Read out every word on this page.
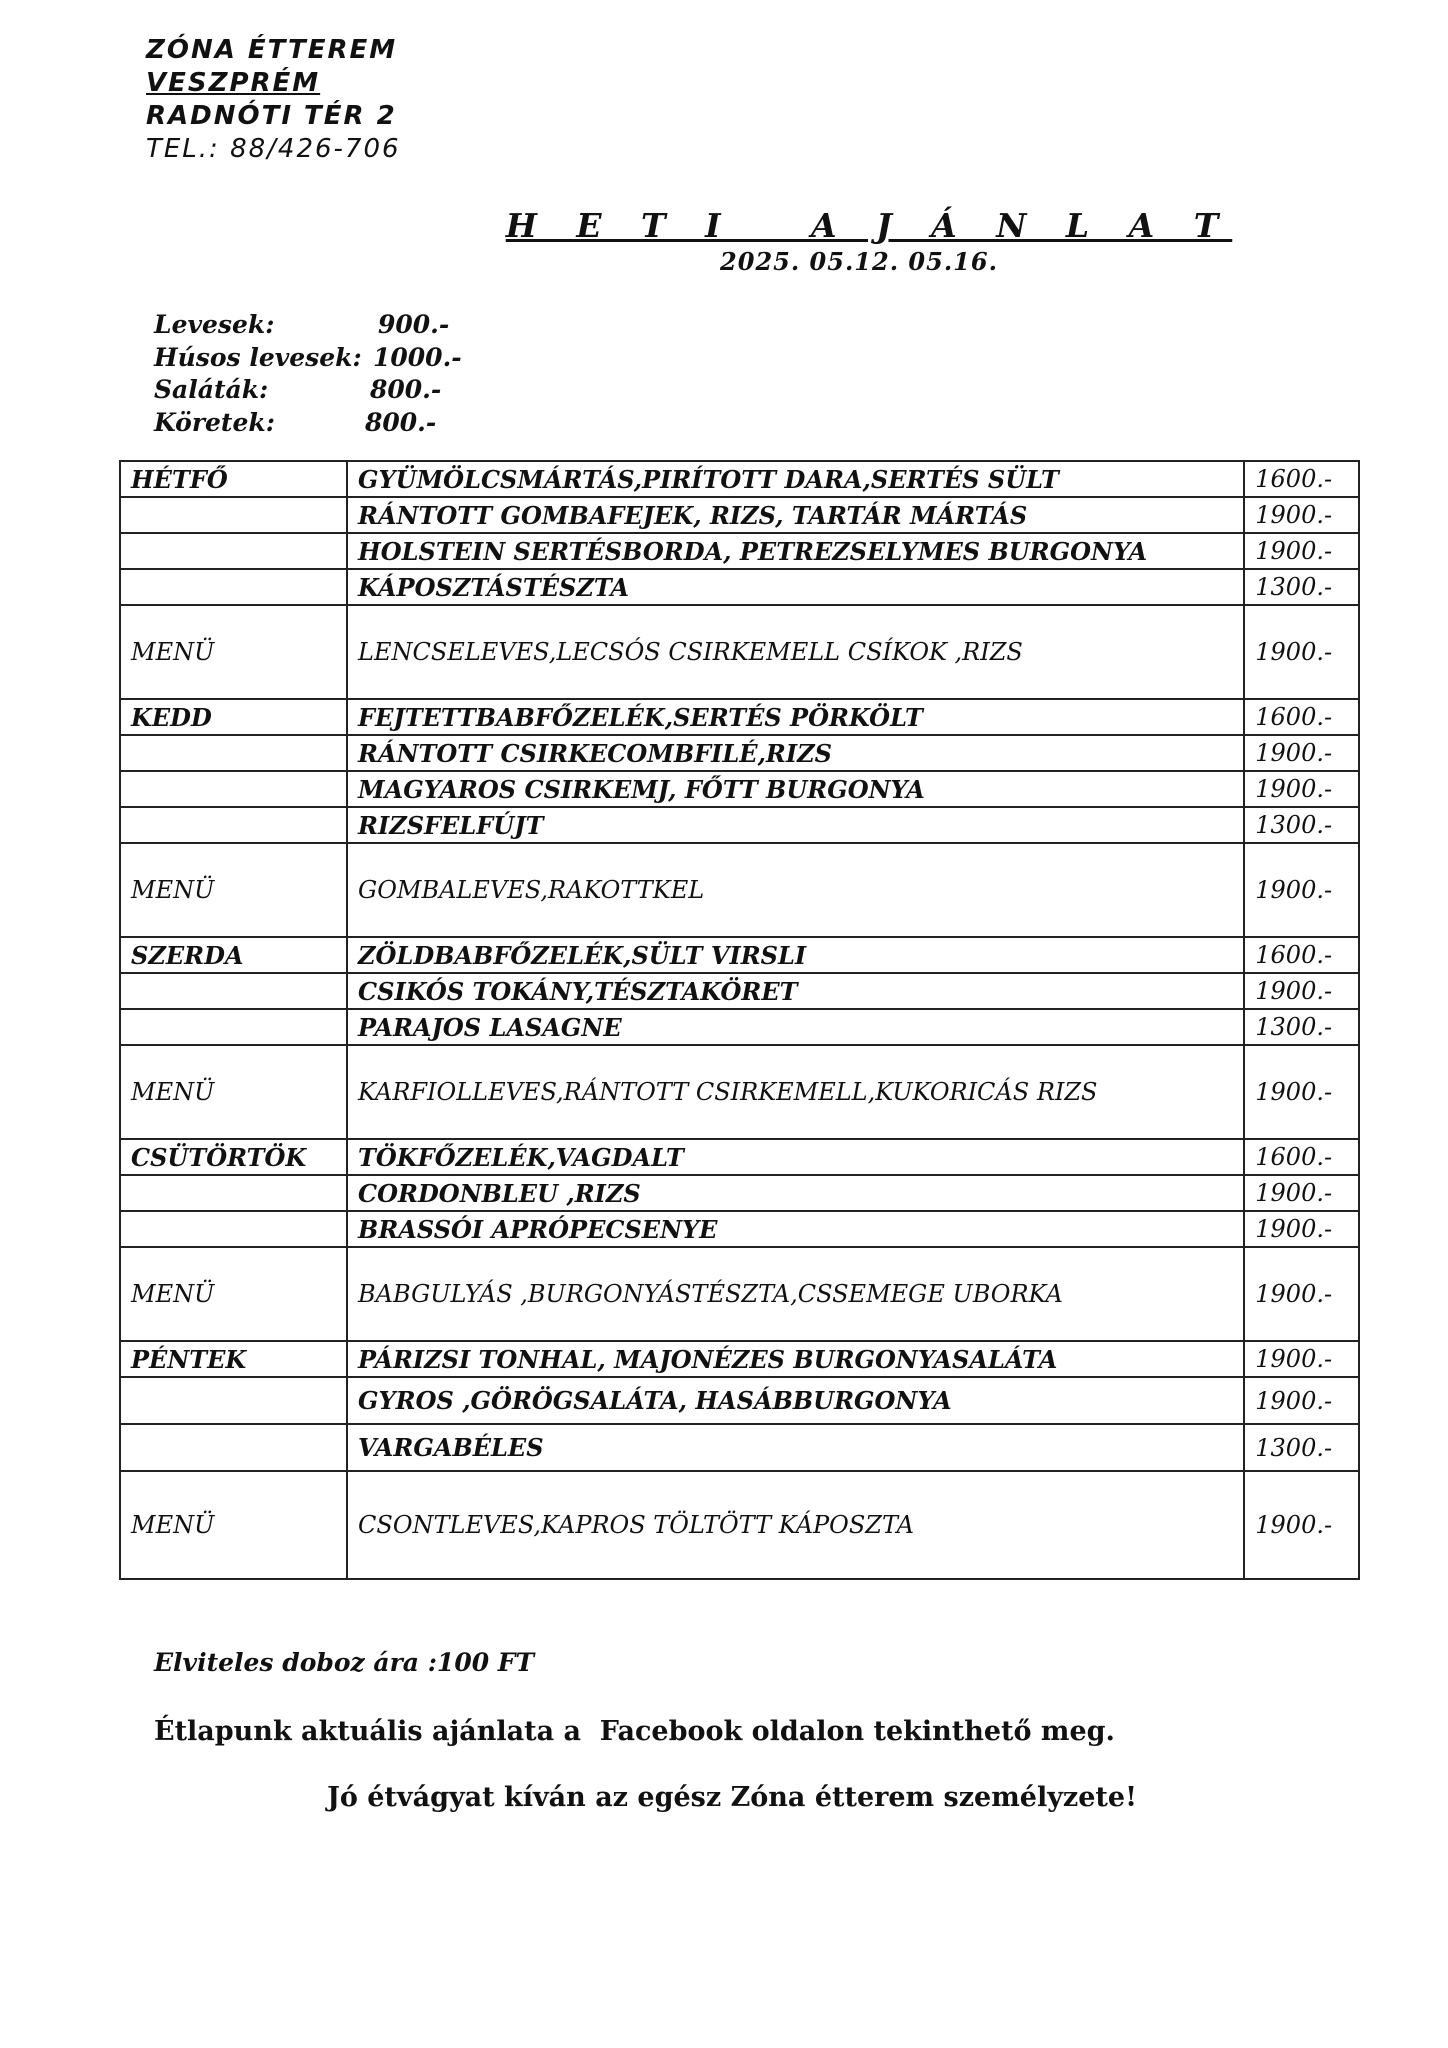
ZÓNA ÉTTEREM
VESZPRÉM
RADNÓTI TÉR 2
TEL.: 88/426-706
H E T I   A J Á N L A T
2025. 05.12. 05.16.
Levesek:	900.-
Húsos levesek: 1000.-
Saláták:	800.-
Köretek:	800.-
HÉTFŐ	GYÜMÖLCSMÁRTÁS,PIRÍTOTT DARA,SERTÉS SÜLT	1600.-
	RÁNTOTT GOMBAFEJEK, RIZS, TARTÁR MÁRTÁS	1900.-
	HOLSTEIN SERTÉSBORDA, PETREZSELYMES BURGONYA	1900.-
	KÁPOSZTÁSTÉSZTA	1300.-
MENÜ	LENCSELEVES,LECSÓS CSIRKEMELL CSÍKOK ,RIZS	1900.-
KEDD	FEJTETTBABFŐZELÉK,SERTÉS PÖRKÖLT	1600.-
	RÁNTOTT CSIRKECOMBFILÉ,RIZS	1900.-
	MAGYAROS CSIRKEMJ, FŐTT BURGONYA	1900.-
	RIZSFELFÚJT	1300.-
MENÜ	GOMBALEVES,RAKOTTKEL	1900.-
SZERDA	ZÖLDBABFŐZELÉK,SÜLT VIRSLI	1600.-
	CSIKÓS TOKÁNY,TÉSZTAKÖRET	1900.-
	PARAJOS LASAGNE	1300.-
MENÜ	KARFIOLLEVES,RÁNTOTT CSIRKEMELL,KUKORICÁS RIZS	1900.-
CSÜTÖRTÖK	TÖKFŐZELÉK,VAGDALT	1600.-
	CORDONBLEU ,RIZS	1900.-
	BRASSÓI APRÓPECSENYE	1900.-
MENÜ	BABGULYÁS ,BURGONYÁSTÉSZTA,CSSEMEGE UBORKA	1900.-
PÉNTEK	PÁRIZSI TONHAL, MAJONÉZES BURGONYASALÁTA	1900.-
	GYROS ,GÖRÖGSALÁTA, HASÁBBURGONYA	1900.-
	VARGABÉLES	1300.-
MENÜ	CSONTLEVES,KAPROS TÖLTÖTT KÁPOSZTA	1900.-
Elviteles doboz ára :100 FT
Étlapunk aktuális ajánlata a  Facebook oldalon tekinthető meg.
Jó étvágyat kíván az egész Zóna étterem személyzete!
